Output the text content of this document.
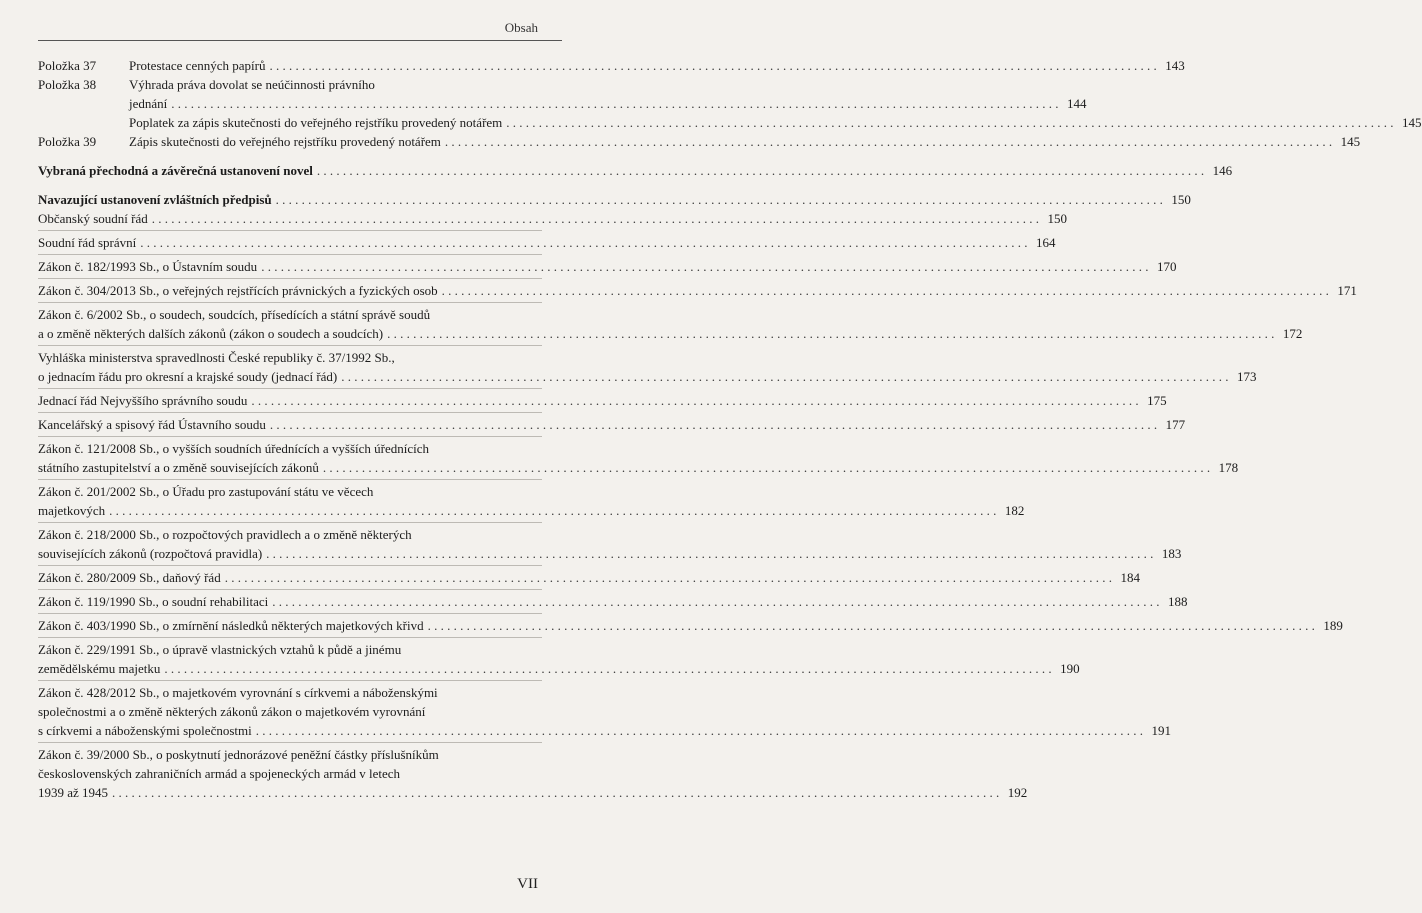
Obsah
Položka 37	Protestace cenných papírů . . .	143
Položka 38	Výhrada práva dovolat se neúčinnosti právního
jednání . . .	144
Poplatek za zápis skutečnosti do veřejného rejstříku provedený notářem . . .	145
Položka 39	Zápis skutečnosti do veřejného rejstříku provedený notářem . . .	145
Vybraná přechodná a závěrečná ustanovení novel . . .	146
Navazující ustanovení zvláštních předpisů . . .	150
Občanský soudní řád . . .	150
Soudní řád správní . . .	164
Zákon č. 182/1993 Sb., o Ústavním soudu . . .	170
Zákon č. 304/2013 Sb., o veřejných rejstřících právnických a fyzických osob . . .	171
Zákon č. 6/2002 Sb., o soudech, soudcích, přísedících a státní správě soudů
a o změně některých dalších zákonů (zákon o soudech a soudcích) . . .	172
Vyhláška ministerstva spravedlnosti České republiky č. 37/1992 Sb.,
o jednacím řádu pro okresní a krajské soudy (jednací řád) . . .	173
Jednací řád Nejvyššího správního soudu . . .	175
Kancelářský a spisový řád Ústavního soudu . . .	177
Zákon č. 121/2008 Sb., o vyšších soudních úřednících a vyšších úřednících
státního zastupitelství a o změně souvisejících zákonů . . .	178
Zákon č. 201/2002 Sb., o Úřadu pro zastupování státu ve věcech
majetkových . . .	182
Zákon č. 218/2000 Sb., o rozpočtových pravidlech a o změně některých
souvisejících zákonů (rozpočtová pravidla) . . .	183
Zákon č. 280/2009 Sb., daňový řád . . .	184
Zákon č. 119/1990 Sb., o soudní rehabilitaci . . .	188
Zákon č. 403/1990 Sb., o zmírnění následků některých majetkových křivd . . .	189
Zákon č. 229/1991 Sb., o úpravě vlastnických vztahů k půdě a jinému
zemědělskému majetku . . .	190
Zákon č. 428/2012 Sb., o majetkovém vyrovnání s církvemi a náboženskými
společnostmi a o změně některých zákonů zákon o majetkovém vyrovnání
s církvemi a náboženskými společnostmi . . .	191
Zákon č. 39/2000 Sb., o poskytnutí jednorázové peněžní částky příslušníkům
československých zahraničních armád a spojeneckých armád v letech
1939 až 1945 . . .	192
VII
